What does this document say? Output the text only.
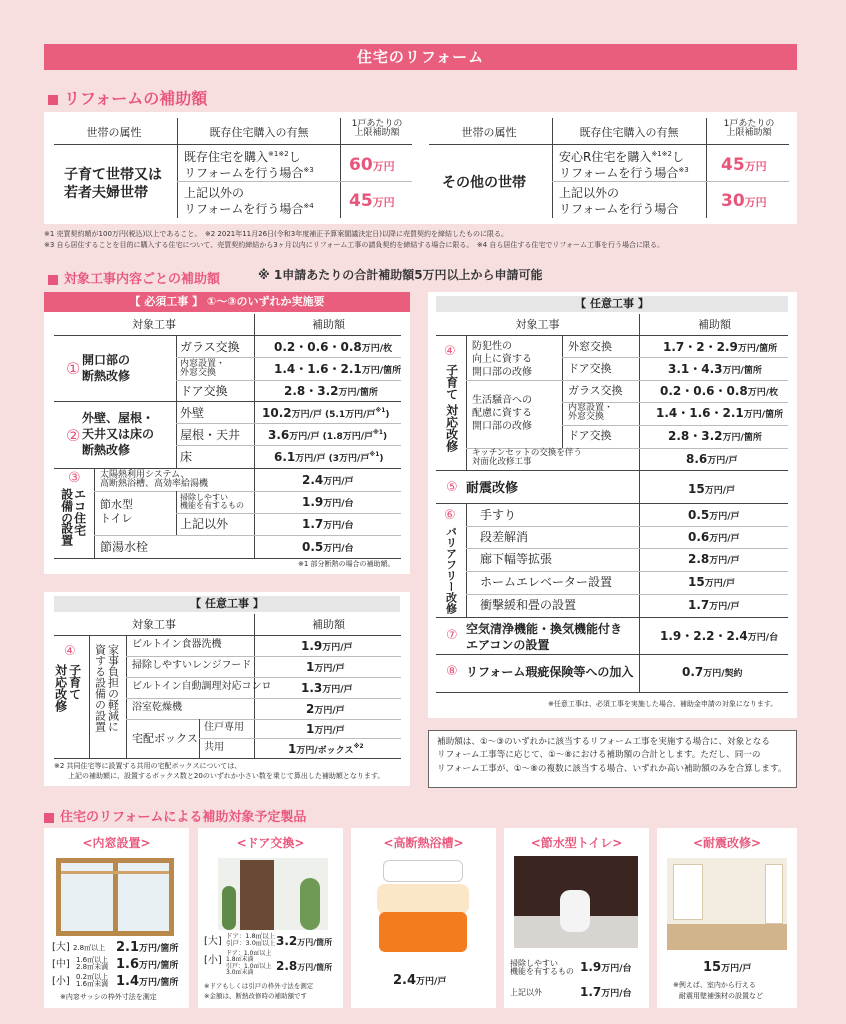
住宅のリフォーム
リフォームの補助額
世帯の属性	既存住宅購入の有無
1戸あたりの
上限補助額
子育て世帯又は
若者夫婦世帯
既存住宅を購入$^{※1※2}$し
リフォームを行う場合$^{※3}$ 60万円
上記以外の
リフォームを行う場合$^{※4}$ 45万円
世帯の属性	既存住宅購入の有無
1戸あたりの
上限補助額
その他の世帯
安心R住宅を購入$^{※1※2}$し
リフォームを行う場合$^{※3}$ 45万円
上記以外の
リフォームを行う場合	30万円
※1 売買契約額が100万円(税込)以上であること。　※2 2021年11月26日(令和3年度補正予算案閣議決定日)以降に売買契約を締結したものに限る。
※3 自ら居住することを目的に購入する住宅について、売買契約締結から3ヶ月以内にリフォーム工事の請負契約を締結する場合に限る。　※4 自ら居住する住宅でリフォーム工事を行う場合に限る。
対象工事内容ごとの補助額	※ 1申請あたりの合計補助額5万円以上から申請可能
【 必須工事 】 ①～③のいずれか実施要
対象工事	補助額
① 開口部の
断熱改修
ガラス交換	0.2・0.6・0.8万円/枚
内窓設置・
外窓交換	1.4・1.6・2.1万円/箇所
ドア交換	2.8・3.2万円/箇所
②
外壁、屋根・
天井又は床の
断熱改修
外壁	10.2万円/戸 (5.1万円/戸$^{※1}$)
屋根・天井 3.6万円/戸 (1.8万円/戸$^{※1}$)
床	6.1万円/戸 (3万円/戸$^{※1}$)
③
エコ住宅
設備の
設置
太陽熱利用システム、
高断熱浴槽、高効率給湯機	2.4万円/戸
節水型
トイレ
掃除しやすい
機能を有するもの	1.9万円/台
上記以外	1.7万円/台
節湯水栓	0.5万円/台
※1 部分断熱の場合の補助額。
【 任意工事 】
対象工事	補助額
④
子育て
対応改修	家事負担の軽減に
資する設備の設置	ビルトイン食器洗機	1.9万円/戸
掃除しやすいレンジフード	1万円/戸
ビルトイン自動調理対応コンロ 1.3万円/戸
浴室乾燥機	2万円/戸
宅配ボックス
住戸専用	1万円/戸
共用	1万円/ボックス$^{※2}$
※2 共同住宅等に設置する共用の宅配ボックスについては、
上記の補助額に、設置するボックス数と20のいずれか小さい数を乗じて算出した補助額となります。
【 任意工事 】
対象工事	補助額
④
子育て
対応改修
防犯性の
向上に資する
開口部の改修
外窓交換	1.7・2・2.9万円/箇所
ドア交換	3.1・4.3万円/箇所
生活騒音への
配慮に資する
開口部の改修
ガラス交換	0.2・0.6・0.8万円/枚
内窓設置・
外窓交換	1.4・1.6・2.1万円/箇所
ドア交換	2.8・3.2万円/箇所
キッチンセットの交換を伴う
対面化改修工事	8.6万円/戸
⑤ 耐震改修	15万円/戸
⑥
バリアフリー改修
手すり	0.5万円/戸
段差解消	0.6万円/戸
廊下幅等拡張	2.8万円/戸
ホームエレベーター設置	15万円/戸
衝撃緩和畳の設置	1.7万円/戸
⑦ 空気清浄機能・換気機能付き
エアコンの設置
1.9・2.2・2.4万円/台
⑧ リフォーム瑕疵保険等への加入	0.7万円/契約
※任意工事は、必須工事を実施した場合、補助金申請の対象になります。
補助額は、①～③のいずれかに該当するリフォーム工事を実施する場合に、対象となる
リフォーム工事等に応じて、①～⑧における補助額の合計とします。ただし、同一の
リフォーム工事が、①～⑧の複数に該当する場合、いずれか高い補助額のみを合算します。
住宅のリフォームによる補助対象予定製品
<内窓設置>
[大] 2.8㎡以上 2.1万円/箇所
[中] 1.6㎡以上
2.8㎡未満 1.6万円/箇所
[小] 0.2㎡以上
1.6㎡未満 1.4万円/箇所
※内窓サッシの枠外寸法を測定
<ドア交換>
[大] ドア：1.8㎡以上
引戸：3.0㎡以上 3.2万円/箇所
[小]
ドア：1.0㎡以上
1.8㎡未満
引戸：1.0㎡以上
3.0㎡未満	2.8万円/箇所
※ドアもしくは引戸の枠外寸法を測定
※金額は、断熱改修時の補助額です
<高断熱浴槽>
2.4万円/戸
<節水型トイレ>
掃除しやすい
機能を有するもの 1.9万円/台
上記以外	1.7万円/台
<耐震改修>
15万円/戸
※例えば、室内から行える
耐震用壁補強材の設置など
